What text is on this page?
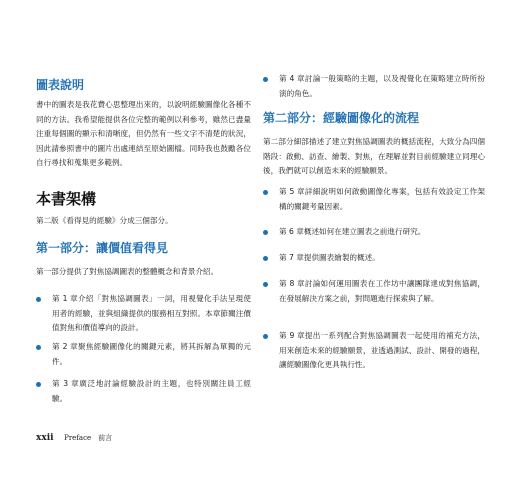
圖表說明

書中的圖表是我花費心思整理出來的，以說明經驗圖像化各種不同的方法。我希望能提供各位完整的範例以利參考，雖然已盡量注重每個圖的顯示和清晰度，但仍然有一些文字不清楚的狀況，因此請參照書中的圖片出處連結至原始圖檔。同時我也鼓勵各位自行尋找和蒐集更多範例。

本書架構

第二版《看得見的經驗》分成三個部分。

第一部分：讓價值看得見

第一部分提供了對焦協調圖表的整體概念和背景介紹。

第 1 章介紹「對焦協調圖表」一詞，用視覺化手法呈現使用者的經驗，並與組織提供的服務相互對照。本章節關注價值對焦和價值導向的設計。
第 2 章聚焦經驗圖像化的關鍵元素，將其拆解為單獨的元件。
第 3 章廣泛地討論經驗設計的主題，也特別關注員工經驗。
第 4 章討論一般策略的主題，以及視覺化在策略建立時所扮演的角色。
第二部分：經驗圖像化的流程

第二部分細部描述了建立對焦協調圖表的概括流程，大致分為四個階段：啟動、訪查、繪製、對焦，在理解並對目前經驗建立同理心後，我們就可以創造未來的經驗願景。

第 5 章詳細說明如何啟動圖像化專案，包括有效設定工作架構的關鍵考量因素。
第 6 章概述如何在建立圖表之前進行研究。
第 7 章提供圖表繪製的概述。
第 8 章討論如何運用圖表在工作坊中讓團隊達成對焦協調，在發展解決方案之前，對問題進行探索與了解。
第 9 章提出一系列配合對焦協調圖表一起使用的補充方法，用來創造未來的經驗願景，並透過測試、設計、開發的過程，讓經驗圖像化更具執行性。
xxii Preface　前言
